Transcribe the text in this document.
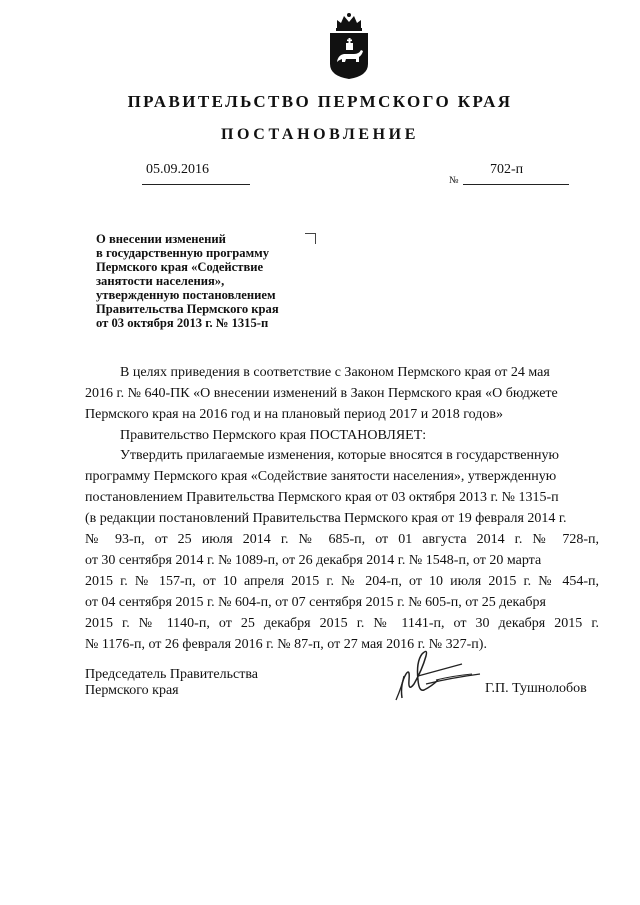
ПРАВИТЕЛЬСТВО ПЕРМСКОГО КРАЯ
ПОСТАНОВЛЕНИЕ
05.09.2016
№
702-п
О внесении изменений
в государственную программу
Пермского края «Содействие
занятости населения»,
утвержденную постановлением
Правительства Пермского края
от 03 октября 2013 г. № 1315-п
В целях приведения в соответствие с Законом Пермского края от 24 мая
2016 г. № 640-ПК «О внесении изменений в Закон Пермского края «О бюджете
Пермского края на 2016 год и на плановый период 2017 и 2018 годов»
Правительство Пермского края ПОСТАНОВЛЯЕТ:
Утвердить прилагаемые изменения, которые вносятся в государственную
программу Пермского края «Содействие занятости населения», утвержденную
постановлением Правительства Пермского края от 03 октября 2013 г. № 1315-п
(в редакции постановлений Правительства Пермского края от 19 февраля 2014 г.
№ 93-п, от 25 июля 2014 г. № 685-п, от 01 августа 2014 г. № 728-п,
от 30 сентября 2014 г. № 1089-п, от 26 декабря 2014 г. № 1548-п, от 20 марта
2015 г. № 157-п, от 10 апреля 2015 г. № 204-п, от 10 июля 2015 г. № 454-п,
от 04 сентября 2015 г. № 604-п, от 07 сентября 2015 г. № 605-п, от 25 декабря
2015 г. № 1140-п, от 25 декабря 2015 г. № 1141-п, от 30 декабря 2015 г.
№ 1176-п, от 26 февраля 2016 г. № 87-п, от 27 мая 2016 г. № 327-п).
Председатель Правительства
Пермского края	Г.П. Тушнолобов
